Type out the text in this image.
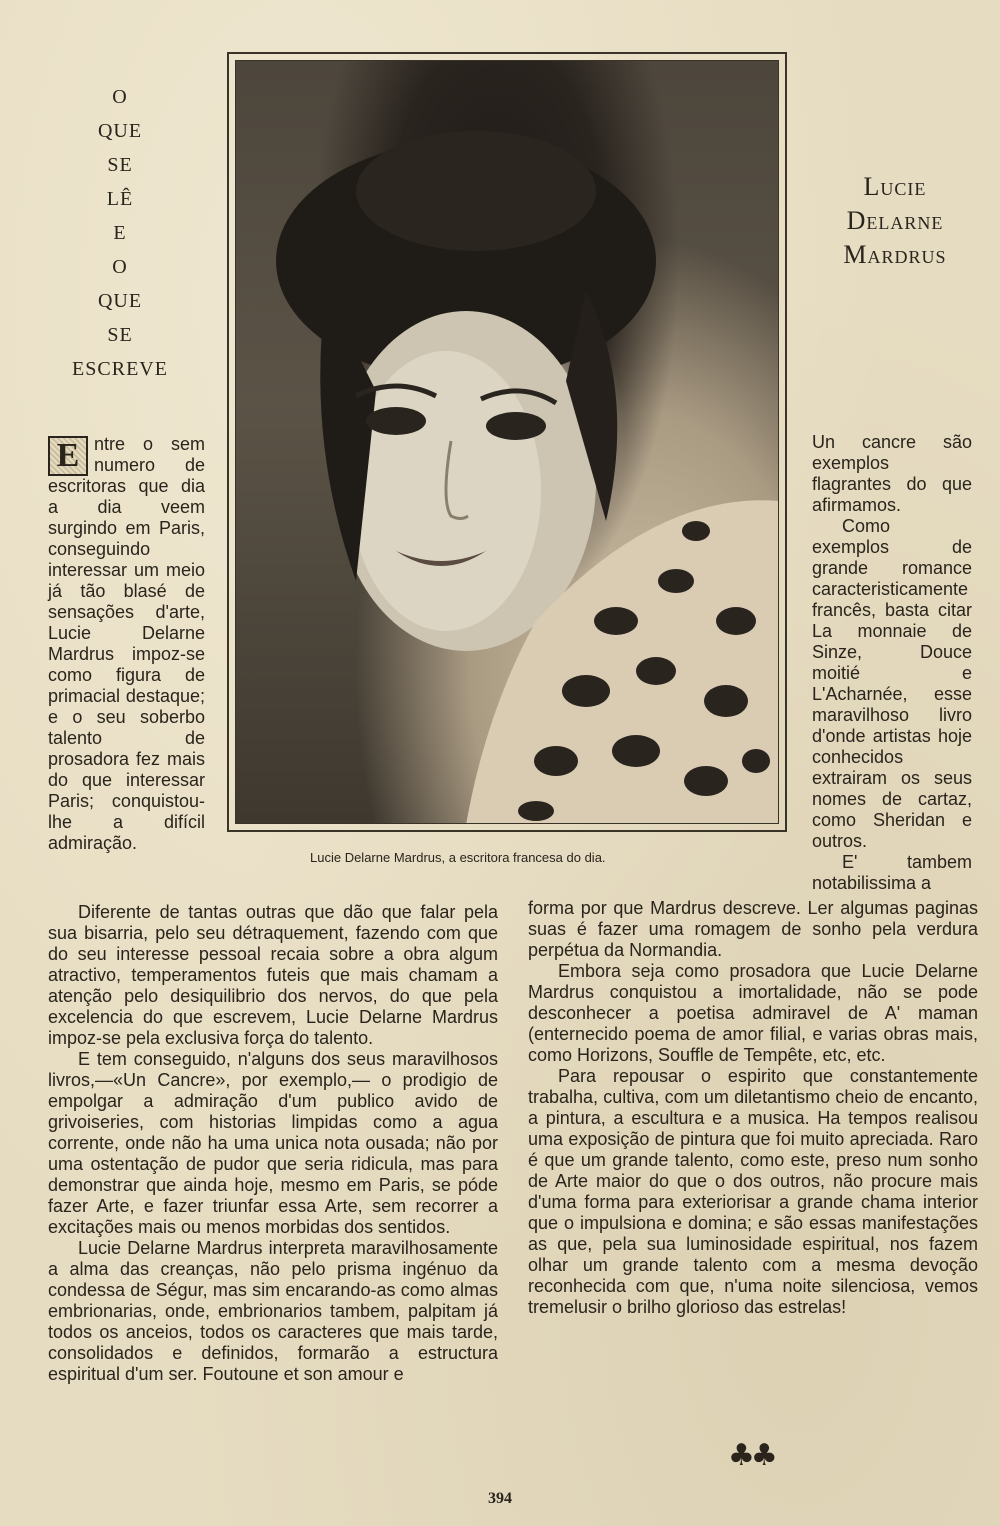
O
QUE
SE
LÊ
E
O
QUE
SE
ESCREVE
Lucie Delarne Mardrus, a escritora francesa do dia.
Lucie
Delarne
Mardrus

E ntre o sem numero de escritoras que dia a dia veem surgindo em Paris, conseguindo interessar um meio já tão blasé de sensações d'arte, Lucie Delarne Mardrus impoz-se como figura de primacial destaque; e o seu soberbo talento de prosadora fez mais do que interessar Paris; conquistou-lhe a difícil admiração.

Un cancre são exemplos flagrantes do que afirmamos.

Como exemplos de grande romance caracteristicamente francês, basta citar La monnaie de Sinze, Douce moitié e L'Acharnée, esse maravilhoso livro d'onde artistas hoje conhecidos extrairam os seus nomes de cartaz, como Sheridan e outros.

E' tambem notabilissima a

Diferente de tantas outras que dão que falar pela sua bisarria, pelo seu détraquement, fazendo com que do seu interesse pessoal recaia sobre a obra algum atractivo, temperamentos futeis que mais chamam a atenção pelo desiquilibrio dos nervos, do que pela excelencia do que escrevem, Lucie Delarne Mardrus impoz-se pela exclusiva força do talento.

E tem conseguido, n'alguns dos seus maravilhosos livros,—«Un Cancre», por exemplo,— o prodigio de empolgar a admiração d'um publico avido de grivoiseries, com historias limpidas como a agua corrente, onde não ha uma unica nota ousada; não por uma ostentação de pudor que seria ridicula, mas para demonstrar que ainda hoje, mesmo em Paris, se póde fazer Arte, e fazer triunfar essa Arte, sem recorrer a excitações mais ou menos morbidas dos sentidos.

Lucie Delarne Mardrus interpreta maravilhosamente a alma das creanças, não pelo prisma ingénuo da condessa de Ségur, mas sim encarando-as como almas embrionarias, onde, embrionarios tambem, palpitam já todos os anceios, todos os caracteres que mais tarde, consolidados e definidos, formarão a estructura espiritual d'um ser. Foutoune et son amour e

forma por que Mardrus descreve. Ler algumas paginas suas é fazer uma romagem de sonho pela verdura perpétua da Normandia.

Embora seja como prosadora que Lucie Delarne Mardrus conquistou a imortalidade, não se pode desconhecer a poetisa admiravel de A' maman (enternecido poema de amor filial, e varias obras mais, como Horizons, Souffle de Tempête, etc, etc.

Para repousar o espirito que constantemente trabalha, cultiva, com um diletantismo cheio de encanto, a pintura, a escultura e a musica. Ha tempos realisou uma exposição de pintura que foi muito apreciada. Raro é que um grande talento, como este, preso num sonho de Arte maior do que o dos outros, não procure mais d'uma forma para exteriorisar a grande chama interior que o impulsiona e domina; e são essas manifestações as que, pela sua luminosidade espiritual, nos fazem olhar um grande talento com a mesma devoção reconhecida com que, n'uma noite silenciosa, vemos tremelusir o brilho glorioso das estrelas!

♣♣
394
